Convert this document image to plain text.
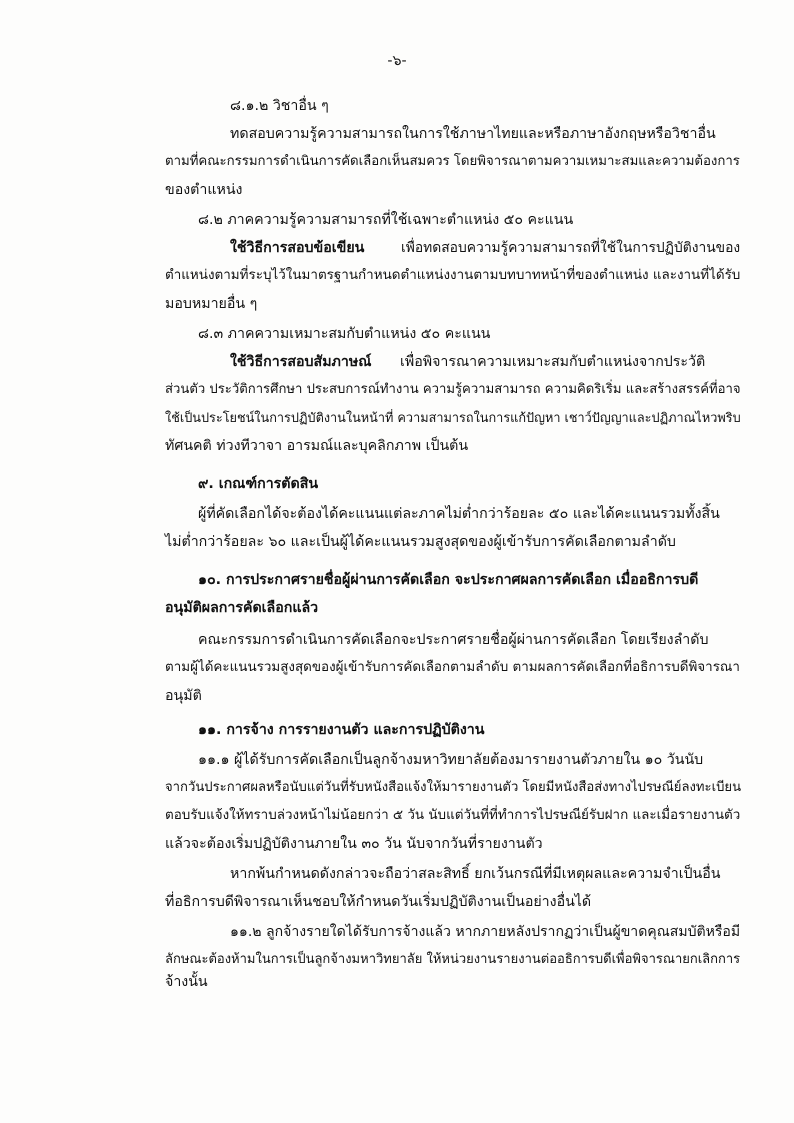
-๖-
๘.๑.๒ วิชาอื่น ๆ
ทดสอบความรู้ความสามารถในการใช้ภาษาไทยและหรือภาษาอังกฤษหรือวิชาอื่น
ตามที่คณะกรรมการดำเนินการคัดเลือกเห็นสมควร โดยพิจารณาตามความเหมาะสมและความต้องการ
ของตำแหน่ง
๘.๒ ภาคความรู้ความสามารถที่ใช้เฉพาะตำแหน่ง ๕๐ คะแนน
ใช้วิธีการสอบข้อเขียน	เพื่อทดสอบความรู้ความสามารถที่ใช้ในการปฏิบัติงานของ
ตำแหน่งตามที่ระบุไว้ในมาตรฐานกำหนดตำแหน่งงานตามบทบาทหน้าที่ของตำแหน่ง และงานที่ได้รับ
มอบหมายอื่น ๆ
๘.๓ ภาคความเหมาะสมกับตำแหน่ง ๕๐ คะแนน
ใช้วิธีการสอบสัมภาษณ์ เพื่อพิจารณาความเหมาะสมกับตำแหน่งจากประวัติ
ส่วนตัว ประวัติการศึกษา ประสบการณ์ทำงาน ความรู้ความสามารถ ความคิดริเริ่ม และสร้างสรรค์ที่อาจ
ใช้เป็นประโยชน์ในการปฏิบัติงานในหน้าที่ ความสามารถในการแก้ปัญหา เชาว์ปัญญาและปฏิภาณไหวพริบ
ทัศนคติ ท่วงทีวาจา อารมณ์และบุคลิกภาพ เป็นต้น
๙. เกณฑ์การตัดสิน
ผู้ที่คัดเลือกได้จะต้องได้คะแนนแต่ละภาคไม่ต่ำกว่าร้อยละ ๕๐ และได้คะแนนรวมทั้งสิ้น
ไม่ต่ำกว่าร้อยละ ๖๐ และเป็นผู้ได้คะแนนรวมสูงสุดของผู้เข้ารับการคัดเลือกตามลำดับ
๑๐. การประกาศรายชื่อผู้ผ่านการคัดเลือก จะประกาศผลการคัดเลือก เมื่ออธิการบดี
อนุมัติผลการคัดเลือกแล้ว
คณะกรรมการดำเนินการคัดเลือกจะประกาศรายชื่อผู้ผ่านการคัดเลือก โดยเรียงลำดับ
ตามผู้ได้คะแนนรวมสูงสุดของผู้เข้ารับการคัดเลือกตามลำดับ ตามผลการคัดเลือกที่อธิการบดีพิจารณา
อนุมัติ
๑๑. การจ้าง การรายงานตัว และการปฏิบัติงาน
๑๑.๑ ผู้ได้รับการคัดเลือกเป็นลูกจ้างมหาวิทยาลัยต้องมารายงานตัวภายใน ๑๐ วันนับ
จากวันประกาศผลหรือนับแต่วันที่รับหนังสือแจ้งให้มารายงานตัว โดยมีหนังสือส่งทางไปรษณีย์ลงทะเบียน
ตอบรับแจ้งให้ทราบล่วงหน้าไม่น้อยกว่า ๕ วัน นับแต่วันที่ที่ทำการไปรษณีย์รับฝาก และเมื่อรายงานตัว
แล้วจะต้องเริ่มปฏิบัติงานภายใน ๓๐ วัน นับจากวันที่รายงานตัว
หากพ้นกำหนดดังกล่าวจะถือว่าสละสิทธิ์ ยกเว้นกรณีที่มีเหตุผลและความจำเป็นอื่น
ที่อธิการบดีพิจารณาเห็นชอบให้กำหนดวันเริ่มปฏิบัติงานเป็นอย่างอื่นได้
๑๑.๒ ลูกจ้างรายใดได้รับการจ้างแล้ว หากภายหลังปรากฏว่าเป็นผู้ขาดคุณสมบัติหรือมี
ลักษณะต้องห้ามในการเป็นลูกจ้างมหาวิทยาลัย ให้หน่วยงานรายงานต่ออธิการบดีเพื่อพิจารณายกเลิกการ
จ้างนั้น
